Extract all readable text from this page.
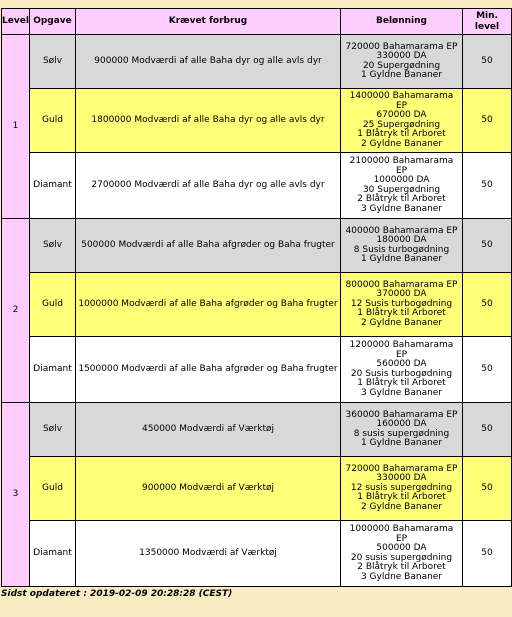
Level	Opgave	Krævet forbrug	Belønning	Min. level
1	Sølv	900000 Modværdi af alle Baha dyr og alle avls dyr	720000 Bahamarama EP
330000 DA
20 Supergødning
1 Gyldne Bananer	50
	Guld	1800000 Modværdi af alle Baha dyr og alle avls dyr	1400000 Bahamarama EP
670000 DA
25 Supergødning
1 Blåtryk til Arboret
2 Gyldne Bananer	50
	Diamant	2700000 Modværdi af alle Baha dyr og alle avls dyr	2100000 Bahamarama EP
1000000 DA
30 Supergødning
2 Blåtryk til Arboret
3 Gyldne Bananer	50
2	Sølv	500000 Modværdi af alle Baha afgrøder og Baha frugter	400000 Bahamarama EP
180000 DA
8 Susis turbogødning
1 Gyldne Bananer	50
	Guld	1000000 Modværdi af alle Baha afgrøder og Baha frugter	800000 Bahamarama EP
370000 DA
12 Susis turbogødning
1 Blåtryk til Arboret
2 Gyldne Bananer	50
	Diamant	1500000 Modværdi af alle Baha afgrøder og Baha frugter	1200000 Bahamarama EP
560000 DA
20 Susis turbogødning
1 Blåtryk til Arboret
3 Gyldne Bananer	50
3	Sølv	450000 Modværdi af Værktøj	360000 Bahamarama EP
160000 DA
8 susis supergødning
1 Gyldne Bananer	50
	Guld	900000 Modværdi af Værktøj	720000 Bahamarama EP
330000 DA
12 susis supergødning
1 Blåtryk til Arboret
2 Gyldne Bananer	50
	Diamant	1350000 Modværdi af Værktøj	1000000 Bahamarama EP
500000 DA
20 susis supergødning
2 Blåtryk til Arboret
3 Gyldne Bananer	50
Sidst opdateret : 2019-02-09 20:28:28 (CEST)
